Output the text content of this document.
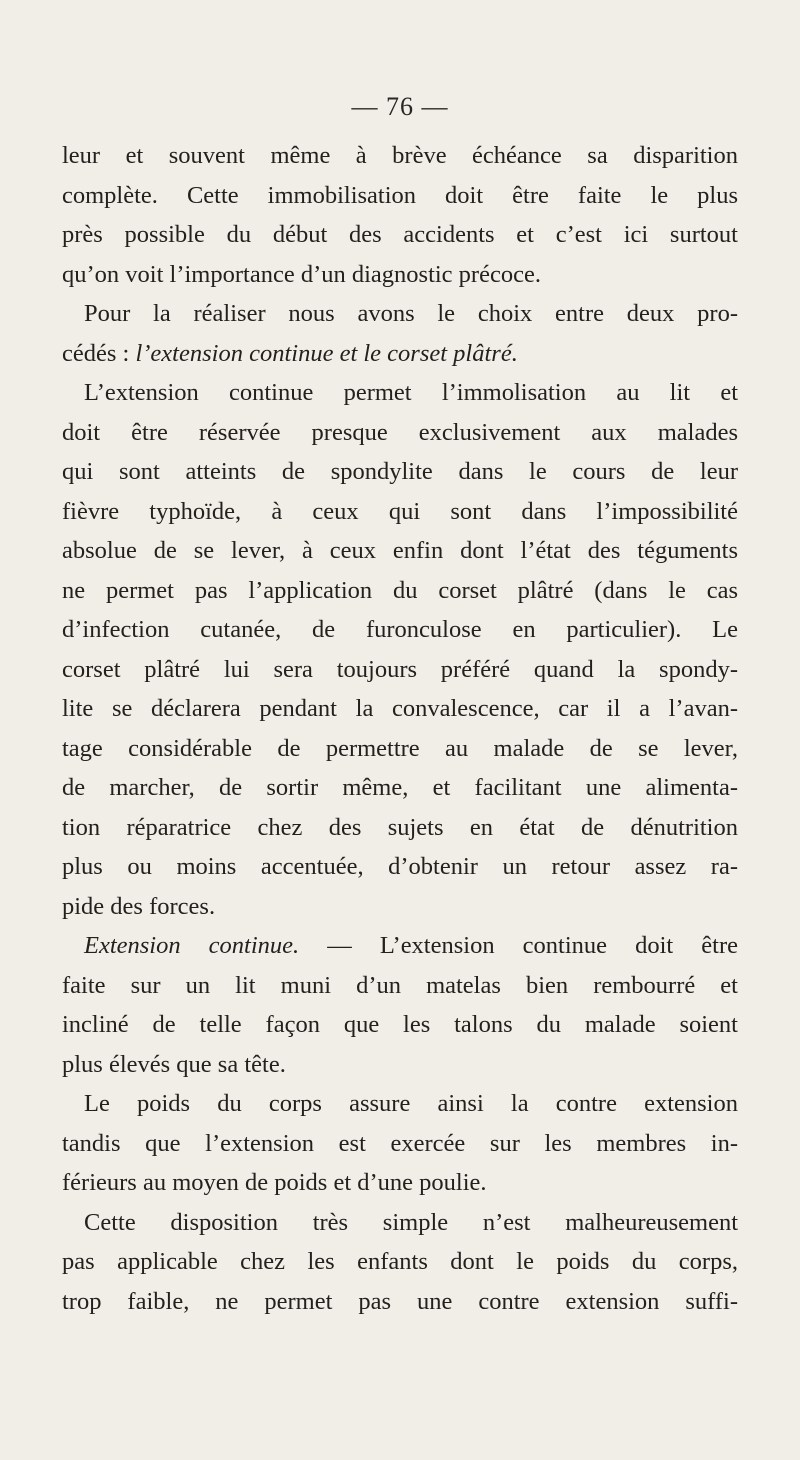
— 76 —
leur et souvent même à brève échéance sa disparition
complète. Cette immobilisation doit être faite le plus
près possible du début des accidents et c’est ici surtout
qu’on voit l’importance d’un diagnostic précoce.
Pour la réaliser nous avons le choix entre deux pro-
cédés : l’extension continue et le corset plâtré.
L’extension continue permet l’immolisation au lit et
doit être réservée presque exclusivement aux malades
qui sont atteints de spondylite dans le cours de leur
fièvre typhoïde, à ceux qui sont dans l’impossibilité
absolue de se lever, à ceux enfin dont l’état des téguments
ne permet pas l’application du corset plâtré (dans le cas
d’infection cutanée, de furonculose en particulier). Le
corset plâtré lui sera toujours préféré quand la spondy-
lite se déclarera pendant la convalescence, car il a l’avan-
tage considérable de permettre au malade de se lever,
de marcher, de sortir même, et facilitant une alimenta-
tion réparatrice chez des sujets en état de dénutrition
plus ou moins accentuée, d’obtenir un retour assez ra-
pide des forces.
Extension continue. — L’extension continue doit être
faite sur un lit muni d’un matelas bien rembourré et
incliné de telle façon que les talons du malade soient
plus élevés que sa tête.
Le poids du corps assure ainsi la contre extension
tandis que l’extension est exercée sur les membres in-
férieurs au moyen de poids et d’une poulie.
Cette disposition très simple n’est malheureusement
pas applicable chez les enfants dont le poids du corps,
trop faible, ne permet pas une contre extension suffi-
